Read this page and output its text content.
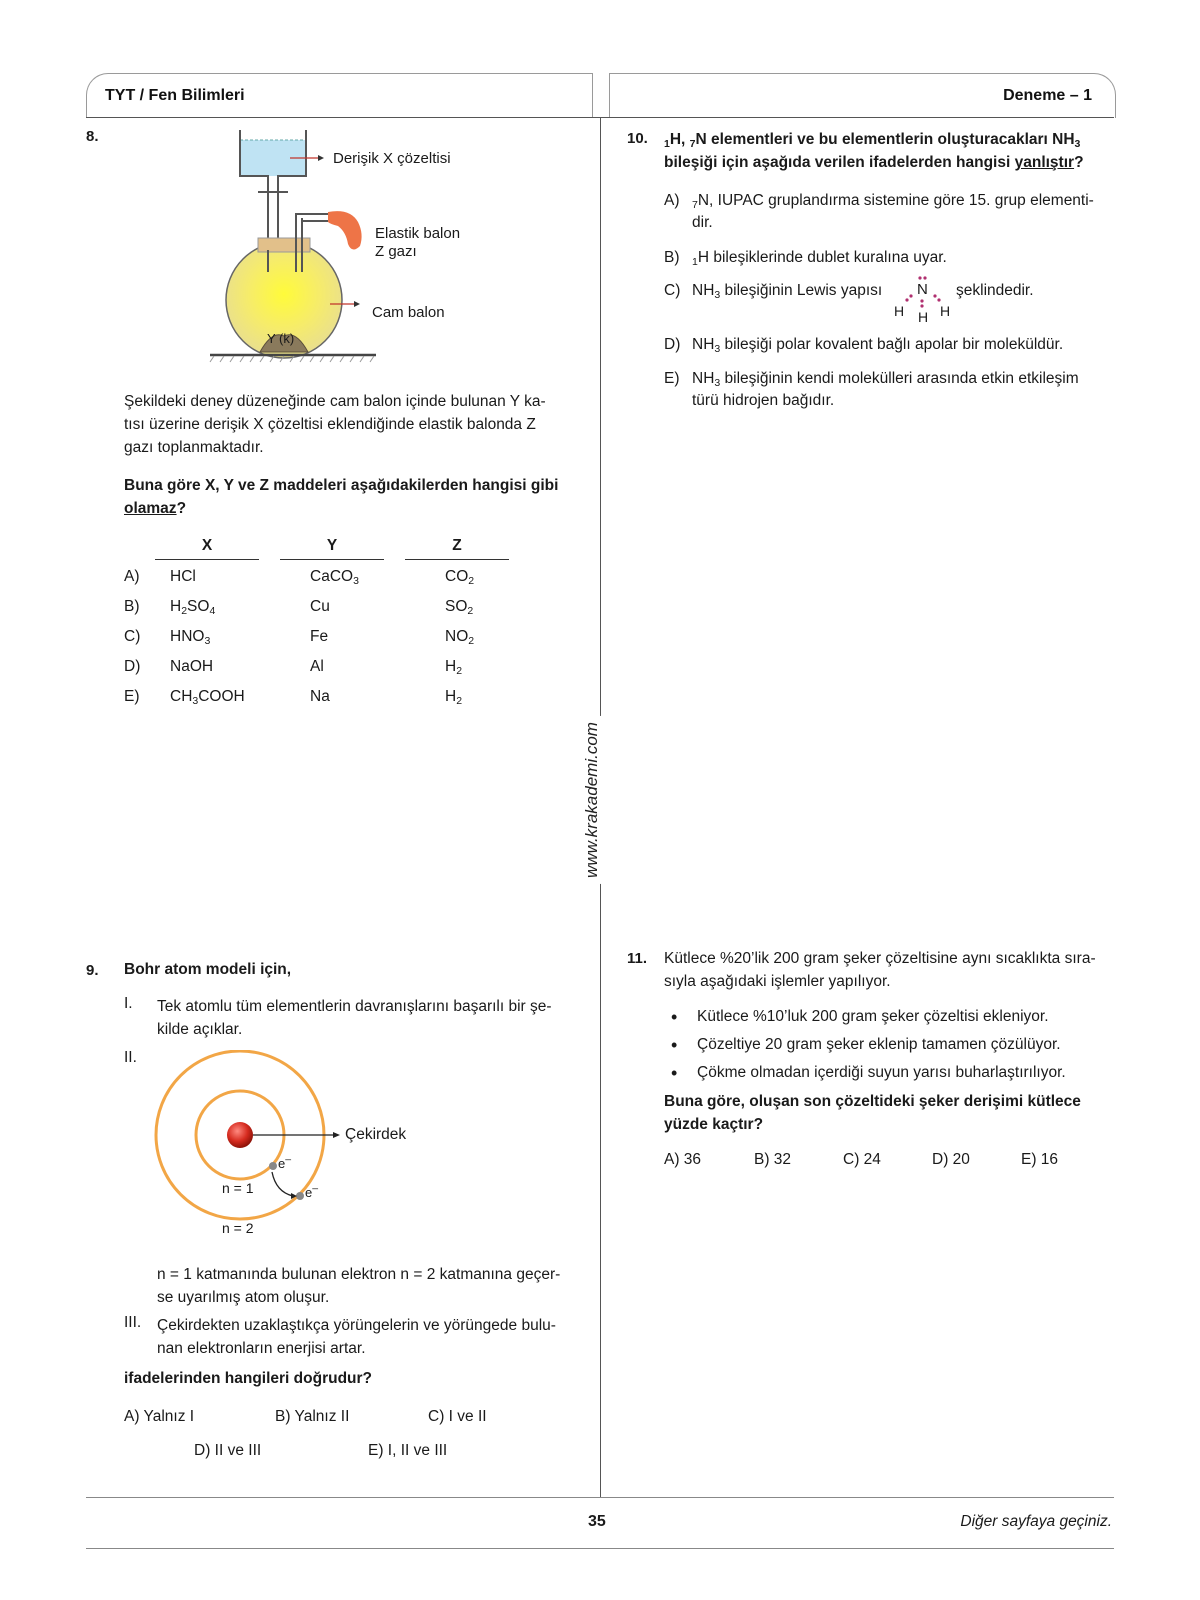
TYT / Fen Bilimleri	Deneme – 1
www.krakademi.com
8.
Derişik X çözeltisi
Elastik balon
Z gazı
Cam balon
Y (k)
Şekildeki deney düzeneğinde cam balon içinde bulunan Y ka-
tısı üzerine derişik X çözeltisi eklendiğinde elastik balonda Z
gazı toplanmaktadır.
Buna göre X, Y ve Z maddeleri aşağıdakilerden hangisi gibi
olamaz?
X	Y	Z
A) HCl	CaCO$_3$	$CO_2$
B) $H_2SO_4$	Cu	$SO_2$
C) $HNO_3$	Fe	$NO_2$
D) NaOH	Al	$H_2$
E) $CH_3COOH$	Na	$H_2$
9. Bohr atom modeli için,
I. Tek atomlu tüm elementlerin davranışlarını başarılı bir şe-
kilde açıklar.
II.
Çekirdek
e–
e–
n = 1
n = 2
n = 1 katmanında bulunan elektron n = 2 katmanına geçer-
se uyarılmış atom oluşur.
III. Çekirdekten uzaklaştıkça yörüngelerin ve yörüngede bulu-
nan elektronların enerjisi artar.
ifadelerinden hangileri doğrudur?
A) Yalnız I	B) Yalnız II	C) I ve II
D) II ve III	E) I, II ve III
10. $_1$H, $_7$N elementleri ve bu elementlerin oluşturacakları $NH_3$
bileşiği için aşağıda verilen ifadelerden hangisi yanlıştır?
A) $_7$N, IUPAC gruplandırma sistemine göre 15. grup elementi-
dir.
B) $_1$H bileşiklerinde dublet kuralına uyar.
C) $NH_3$ bileşiğinin Lewis yapısı N
H H H
şeklindedir.
D) $NH_3$ bileşiği polar kovalent bağlı apolar bir moleküldür.
E) $NH_3$ bileşiğinin kendi molekülleri arasında etkin etkileşim
türü hidrojen bağıdır.
11. Kütlece %20’lik 200 gram şeker çözeltisine aynı sıcaklıkta sıra-
sıyla aşağıdaki işlemler yapılıyor.
• Kütlece %10’luk 200 gram şeker çözeltisi ekleniyor.
• Çözeltiye 20 gram şeker eklenip tamamen çözülüyor.
• Çökme olmadan içerdiği suyun yarısı buharlaştırılıyor.
Buna göre, oluşan son çözeltideki şeker derişimi kütlece
yüzde kaçtır?
A) 36	B) 32	C) 24	D) 20	E) 16
35	Diğer sayfaya geçiniz.
